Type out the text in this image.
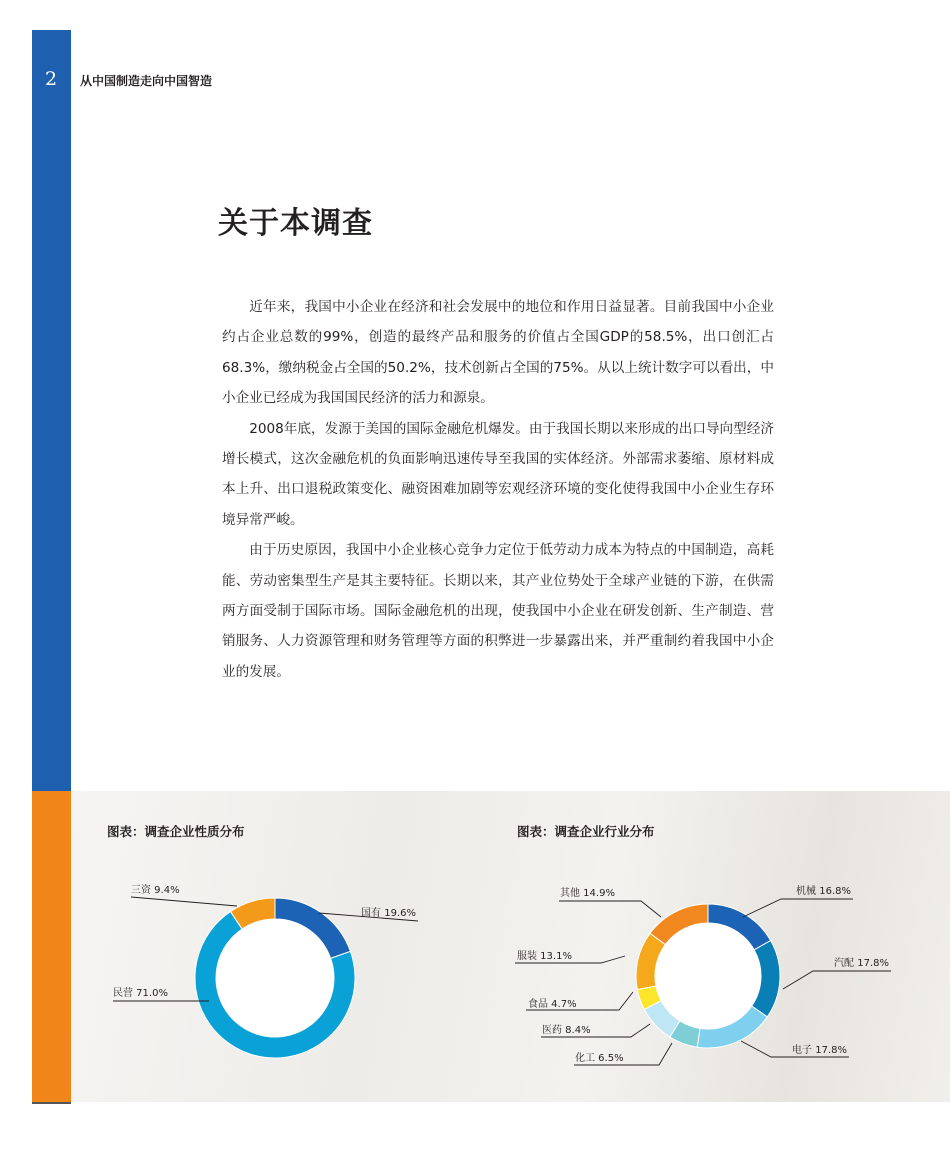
2	从中国制造走向中国智造
关于本调查

近年来，我国中小企业在经济和社会发展中的地位和作用日益显著。目前我国中小企业约占企业总数的99%，创造的最终产品和服务的价值占全国GDP的58.5%，出口创汇占68.3%，缴纳税金占全国的50.2%，技术创新占全国的75%。从以上统计数字可以看出，中小企业已经成为我国国民经济的活力和源泉。

2008年底，发源于美国的国际金融危机爆发。由于我国长期以来形成的出口导向型经济增长模式，这次金融危机的负面影响迅速传导至我国的实体经济。外部需求萎缩、原材料成本上升、出口退税政策变化、融资困难加剧等宏观经济环境的变化使得我国中小企业生存环境异常严峻。

由于历史原因，我国中小企业核心竞争力定位于低劳动力成本为特点的中国制造，高耗能、劳动密集型生产是其主要特征。长期以来，其产业位势处于全球产业链的下游，在供需两方面受制于国际市场。国际金融危机的出现，使我国中小企业在研发创新、生产制造、营销服务、人力资源管理和财务管理等方面的积弊进一步暴露出来，并严重制约着我国中小企业的发展。

图表：调查企业性质分布	图表：调查企业行业分布
国有 19.6%
民营 71.0%
三资 9.4%	机械 16.8%
汽配 17.8%
电子 17.8%
化工 6.5%
医药 8.4%
食品 4.7%
服装 13.1%
其他 14.9%
